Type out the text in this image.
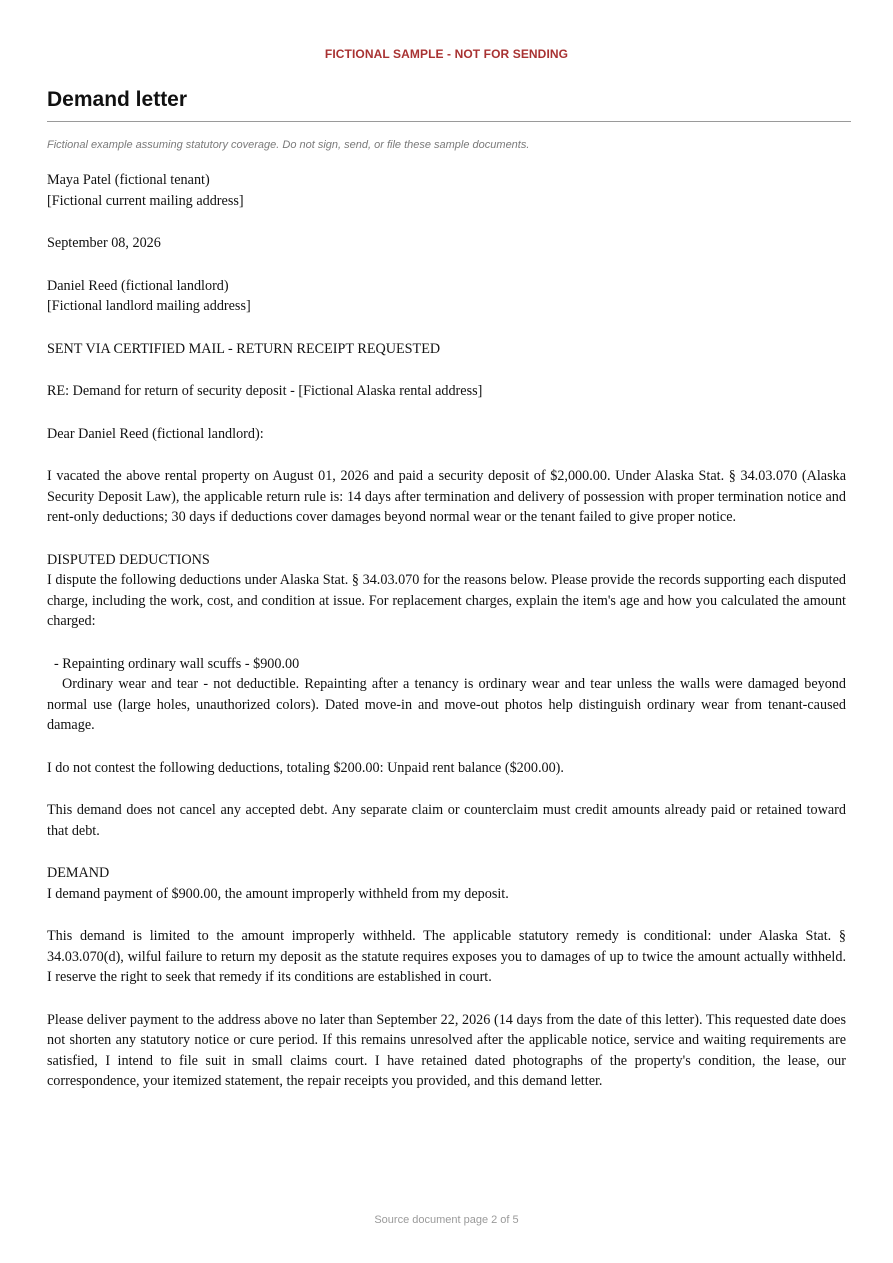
FICTIONAL SAMPLE - NOT FOR SENDING
Demand letter
Fictional example assuming statutory coverage. Do not sign, send, or file these sample documents.

Maya Patel (fictional tenant)
[Fictional current mailing address]

September 08, 2026

Daniel Reed (fictional landlord)
[Fictional landlord mailing address]

SENT VIA CERTIFIED MAIL - RETURN RECEIPT REQUESTED

RE: Demand for return of security deposit - [Fictional Alaska rental address]

Dear Daniel Reed (fictional landlord):

I vacated the above rental property on August 01, 2026 and paid a security deposit of $2,000.00. Under Alaska Stat. § 34.03.070 (Alaska Security Deposit Law), the applicable return rule is: 14 days after termination and delivery of possession with proper termination notice and rent-only deductions; 30 days if deductions cover damages beyond normal wear or the tenant failed to give proper notice.

DISPUTED DEDUCTIONS
I dispute the following deductions under Alaska Stat. § 34.03.070 for the reasons below. Please provide the records supporting each disputed charge, including the work, cost, and condition at issue. For replacement charges, explain the item's age and how you calculated the amount charged:

- Repainting ordinary wall scuffs - $900.00
Ordinary wear and tear - not deductible. Repainting after a tenancy is ordinary wear and tear unless the walls were damaged beyond normal use (large holes, unauthorized colors). Dated move-in and move-out photos help distinguish ordinary wear from tenant-caused damage.

I do not contest the following deductions, totaling $200.00: Unpaid rent balance ($200.00).

This demand does not cancel any accepted debt. Any separate claim or counterclaim must credit amounts already paid or retained toward that debt.

DEMAND
I demand payment of $900.00, the amount improperly withheld from my deposit.

This demand is limited to the amount improperly withheld. The applicable statutory remedy is conditional: under Alaska Stat. § 34.03.070(d), wilful failure to return my deposit as the statute requires exposes you to damages of up to twice the amount actually withheld. I reserve the right to seek that remedy if its conditions are established in court.

Please deliver payment to the address above no later than September 22, 2026 (14 days from the date of this letter). This requested date does not shorten any statutory notice or cure period. If this remains unresolved after the applicable notice, service and waiting requirements are satisfied, I intend to file suit in small claims court. I have retained dated photographs of the property's condition, the lease, our correspondence, your itemized statement, the repair receipts you provided, and this demand letter.

Source document page 2 of 5
